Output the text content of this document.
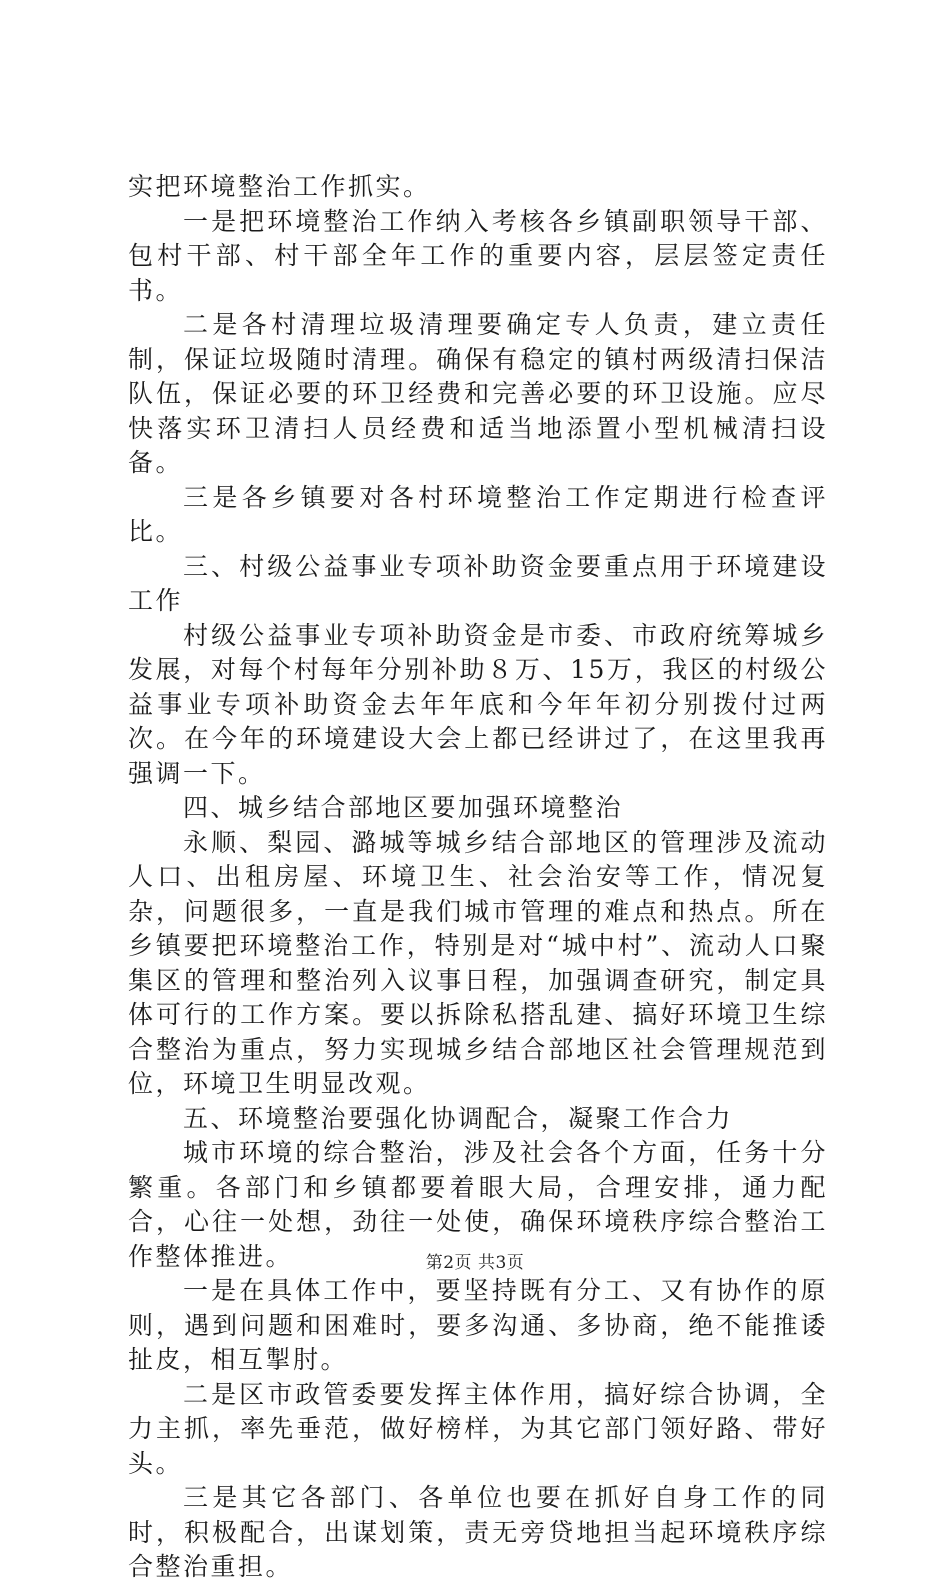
实把环境整治工作抓实。

一是把环境整治工作纳入考核各乡镇副职领导干部、包村干部、村干部全年工作的重要内容，层层签定责任书。

二是各村清理垃圾清理要确定专人负责，建立责任制，保证垃圾随时清理。确保有稳定的镇村两级清扫保洁队伍，保证必要的环卫经费和完善必要的环卫设施。应尽快落实环卫清扫人员经费和适当地添置小型机械清扫设备。

三是各乡镇要对各村环境整治工作定期进行检查评比。

三、村级公益事业专项补助资金要重点用于环境建设工作

村级公益事业专项补助资金是市委、市政府统筹城乡发展，对每个村每年分别补助８万、15万，我区的村级公益事业专项补助资金去年年底和今年年初分别拨付过两次。在今年的环境建设大会上都已经讲过了，在这里我再强调一下。

四、城乡结合部地区要加强环境整治

永顺、梨园、潞城等城乡结合部地区的管理涉及流动人口、出租房屋、环境卫生、社会治安等工作，情况复杂，问题很多，一直是我们城市管理的难点和热点。所在乡镇要把环境整治工作，特别是对“城中村”、流动人口聚集区的管理和整治列入议事日程，加强调查研究，制定具体可行的工作方案。要以拆除私搭乱建、搞好环境卫生综合整治为重点，努力实现城乡结合部地区社会管理规范到位，环境卫生明显改观。

五、环境整治要强化协调配合，凝聚工作合力

城市环境的综合整治，涉及社会各个方面，任务十分繁重。各部门和乡镇都要着眼大局，合理安排，通力配合，心往一处想，劲往一处使，确保环境秩序综合整治工作整体推进。

一是在具体工作中，要坚持既有分工、又有协作的原则，遇到问题和困难时，要多沟通、多协商，绝不能推诿扯皮，相互掣肘。

二是区市政管委要发挥主体作用，搞好综合协调，全力主抓，率先垂范，做好榜样，为其它部门领好路、带好头。

三是其它各部门、各单位也要在抓好自身工作的同时，积极配合，出谋划策，责无旁贷地担当起环境秩序综合整治重担。

第2页 共3页
